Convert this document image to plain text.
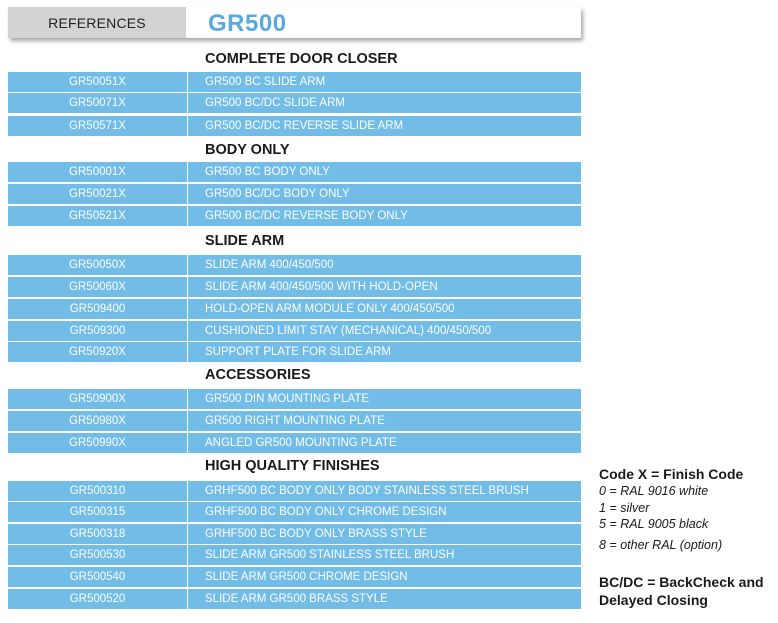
REFERENCES	GR500
COMPLETE DOOR CLOSER
GR50051X	GR500 BC SLIDE ARM
GR50071X	GR500 BC/DC SLIDE ARM
GR50571X	GR500 BC/DC REVERSE SLIDE ARM
BODY ONLY
GR50001X	GR500 BC BODY ONLY
GR50021X	GR500 BC/DC BODY ONLY
GR50521X	GR500 BC/DC REVERSE BODY ONLY
SLIDE ARM
GR50050X	SLIDE ARM 400/450/500
GR50060X	SLIDE ARM 400/450/500 WITH HOLD-OPEN
GR509400	HOLD-OPEN ARM MODULE ONLY 400/450/500
GR509300	CUSHIONED LIMIT STAY (MECHANICAL) 400/450/500
GR50920X	SUPPORT PLATE FOR SLIDE ARM
ACCESSORIES
GR50900X	GR500 DIN MOUNTING PLATE
GR50980X	GR500 RIGHT MOUNTING PLATE
GR50990X	ANGLED GR500 MOUNTING PLATE
HIGH QUALITY FINISHES
GR500310	GRHF500 BC BODY ONLY BODY STAINLESS STEEL BRUSH
GR500315	GRHF500 BC BODY ONLY CHROME DESIGN
GR500318	GRHF500 BC BODY ONLY BRASS STYLE
GR500530	SLIDE ARM GR500 STAINLESS STEEL BRUSH
GR500540	SLIDE ARM GR500 CHROME DESIGN
GR500520	SLIDE ARM GR500 BRASS STYLE
Code X = Finish Code
0 = RAL 9016 white
1 = silver
5 = RAL 9005 black
8 = other RAL (option)
BC/DC = BackCheck and
Delayed Closing
